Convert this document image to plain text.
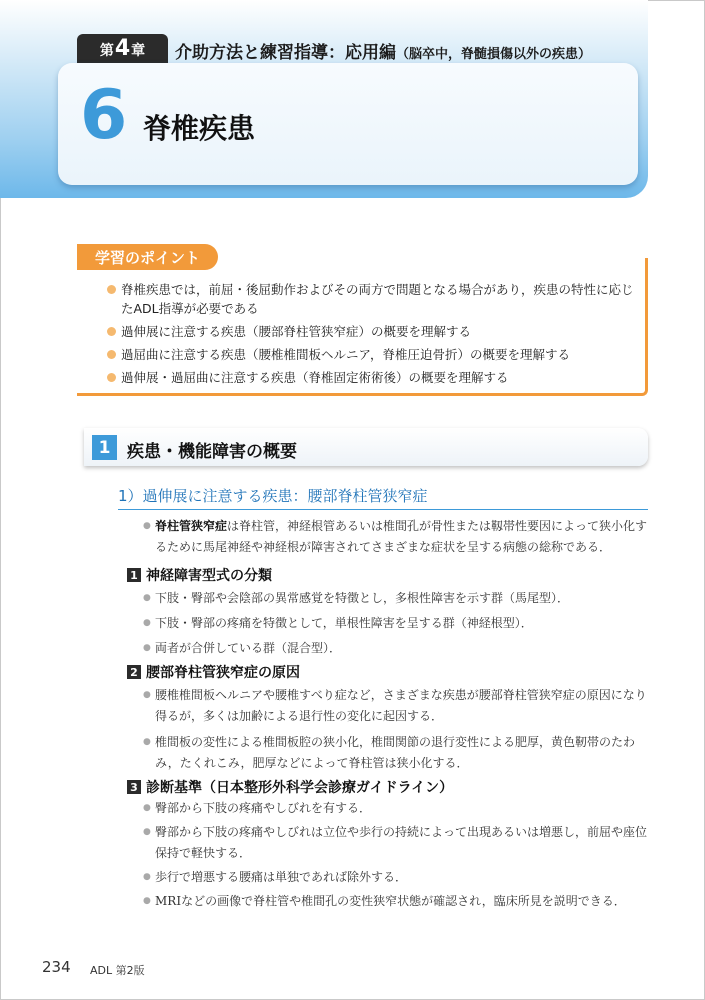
第 4 章 介助方法と練習指導：応用編（脳卒中，脊髄損傷以外の疾患）
6 脊椎疾患
脊椎疾患では，前屈・後屈動作およびその両方で問題となる場合があり，疾患の特性に応じたADL指導が必要である
過伸展に注意する疾患（腰部脊柱管狭窄症）の概要を理解する
過屈曲に注意する疾患（腰椎椎間板ヘルニア，脊椎圧迫骨折）の概要を理解する
過伸展・過屈曲に注意する疾患（脊椎固定術術後）の概要を理解する
学習のポイント
1 疾患・機能障害の概要
1）過伸展に注意する疾患：腰部脊柱管狭窄症
● 脊柱管狭窄症は脊柱管，神経根管あるいは椎間孔が骨性または靱帯性要因によって狭小化するために馬尾神経や神経根が障害されてさまざまな症状を呈する病態の総称である．
1 神経障害型式の分類
● 下肢・臀部や会陰部の異常感覚を特徴とし，多根性障害を示す群（馬尾型）．
● 下肢・臀部の疼痛を特徴として，単根性障害を呈する群（神経根型）．
● 両者が合併している群（混合型）．
2 腰部脊柱管狭窄症の原因
● 腰椎椎間板ヘルニアや腰椎すべり症など，さまざまな疾患が腰部脊柱管狭窄症の原因になり得るが，多くは加齢による退行性の変化に起因する．
● 椎間板の変性による椎間板腔の狭小化，椎間関節の退行変性による肥厚，黄色靭帯のたわみ，たくれこみ，肥厚などによって脊柱管は狭小化する．
3 診断基準（日本整形外科学会診療ガイドライン）
● 臀部から下肢の疼痛やしびれを有する．
● 臀部から下肢の疼痛やしびれは立位や歩行の持続によって出現あるいは増悪し，前屈や座位保持で軽快する．
● 歩行で増悪する腰痛は単独であれば除外する．
● MRIなどの画像で脊柱管や椎間孔の変性狭窄状態が確認され，臨床所見を説明できる．
234 ADL 第2版
